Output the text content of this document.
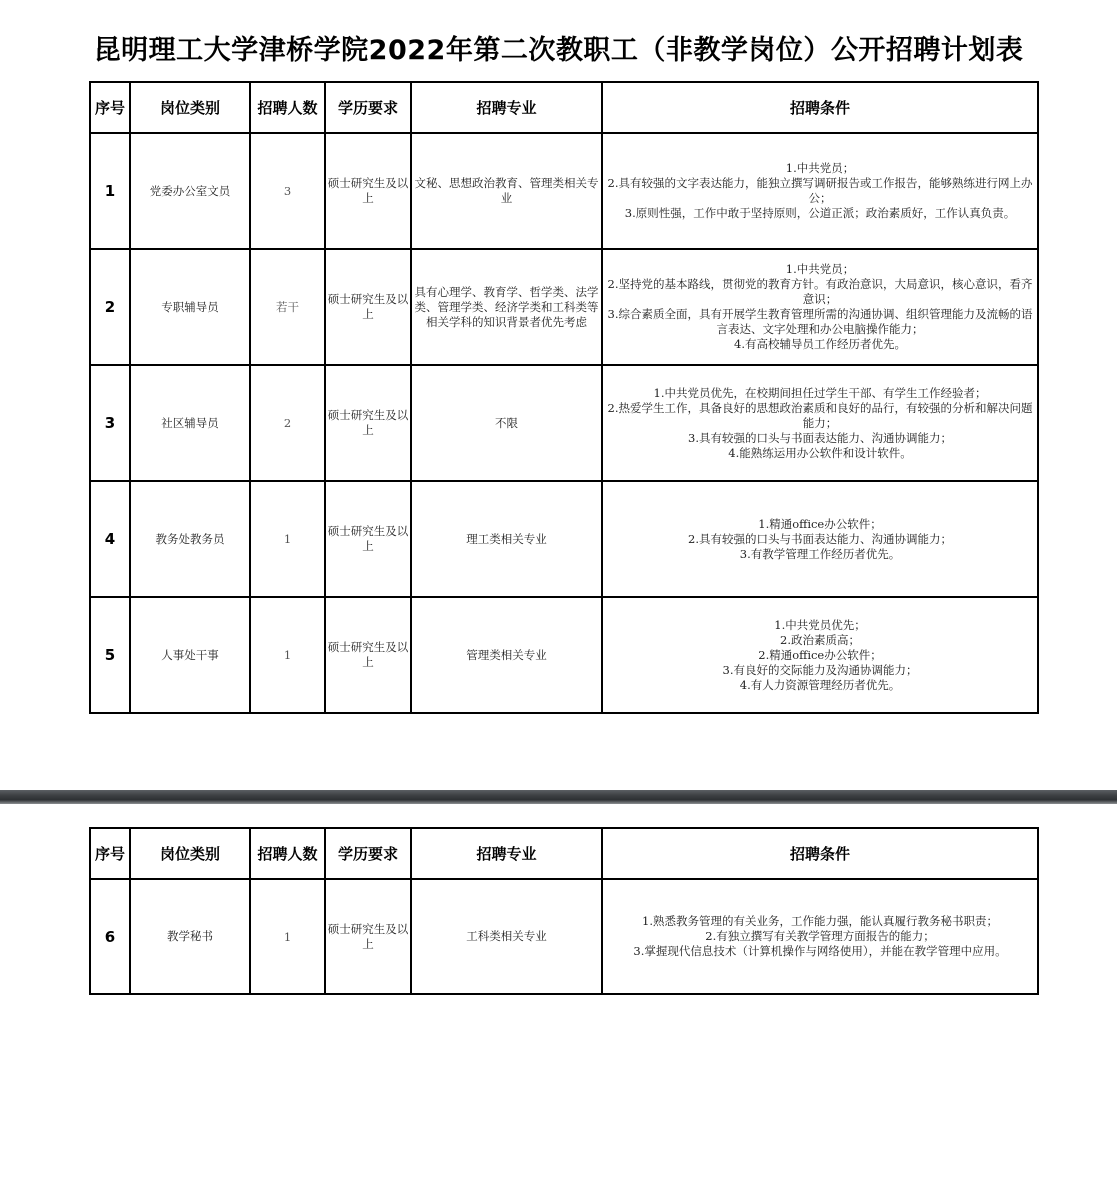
昆明理工大学津桥学院2022年第二次教职工（非教学岗位）公开招聘计划表
序号	岗位类别	招聘人数	学历要求	招聘专业	招聘条件
1	党委办公室文员	3	硕士研究生及以上	文秘、思想政治教育、管理类相关专业	1.中共党员；
2.具有较强的文字表达能力，能独立撰写调研报告或工作报告，能够熟练进行网上办公；
3.原则性强，工作中敢于坚持原则，公道正派；政治素质好，工作认真负责。

2	专职辅导员	若干	硕士研究生及以上	具有心理学、教育学、哲学类、法学类、管理学类、经济学类和工科类等相关学科的知识背景者优先考虑	1.中共党员；
2.坚持党的基本路线，贯彻党的教育方针。有政治意识，大局意识，核心意识，看齐意识；
3.综合素质全面，具有开展学生教育管理所需的沟通协调、组织管理能力及流畅的语言表达、文字处理和办公电脑操作能力；
4.有高校辅导员工作经历者优先。

3	社区辅导员	2	硕士研究生及以上	不限	1.中共党员优先，在校期间担任过学生干部、有学生工作经验者；
2.热爱学生工作，具备良好的思想政治素质和良好的品行，有较强的分析和解决问题能力；
3.具有较强的口头与书面表达能力、沟通协调能力；
4.能熟练运用办公软件和设计软件。

4	教务处教务员	1	硕士研究生及以上	理工类相关专业	1.精通office办公软件；
2.具有较强的口头与书面表达能力、沟通协调能力；
3.有教学管理工作经历者优先。

5	人事处干事	1	硕士研究生及以上	管理类相关专业	1.中共党员优先；
2.政治素质高；
2.精通office办公软件；
3.有良好的交际能力及沟通协调能力；
4.有人力资源管理经历者优先。
序号	岗位类别	招聘人数	学历要求	招聘专业	招聘条件
6	教学秘书	1	硕士研究生及以上	工科类相关专业	1.熟悉教务管理的有关业务，工作能力强，能认真履行教务秘书职责；
2.有独立撰写有关教学管理方面报告的能力；
3.掌握现代信息技术（计算机操作与网络使用），并能在教学管理中应用。
